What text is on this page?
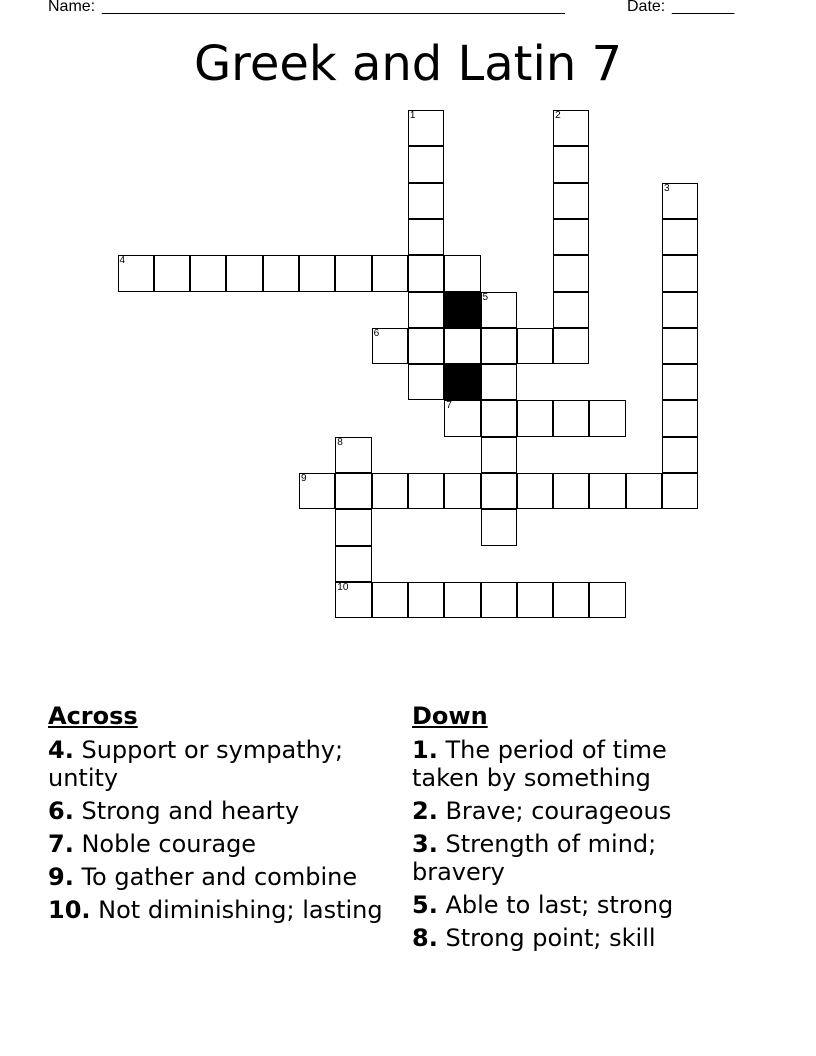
Name: ____________________________________________________	Date: _______
Greek and Latin 7
1	2
3
4
5
6
7
8
9
10
Across
4. Support or sympathy; untity
6. Strong and hearty
7. Noble courage
9. To gather and combine
10. Not diminishing; lasting
Down
1. The period of time taken by something
2. Brave; courageous
3. Strength of mind; bravery
5. Able to last; strong
8. Strong point; skill
